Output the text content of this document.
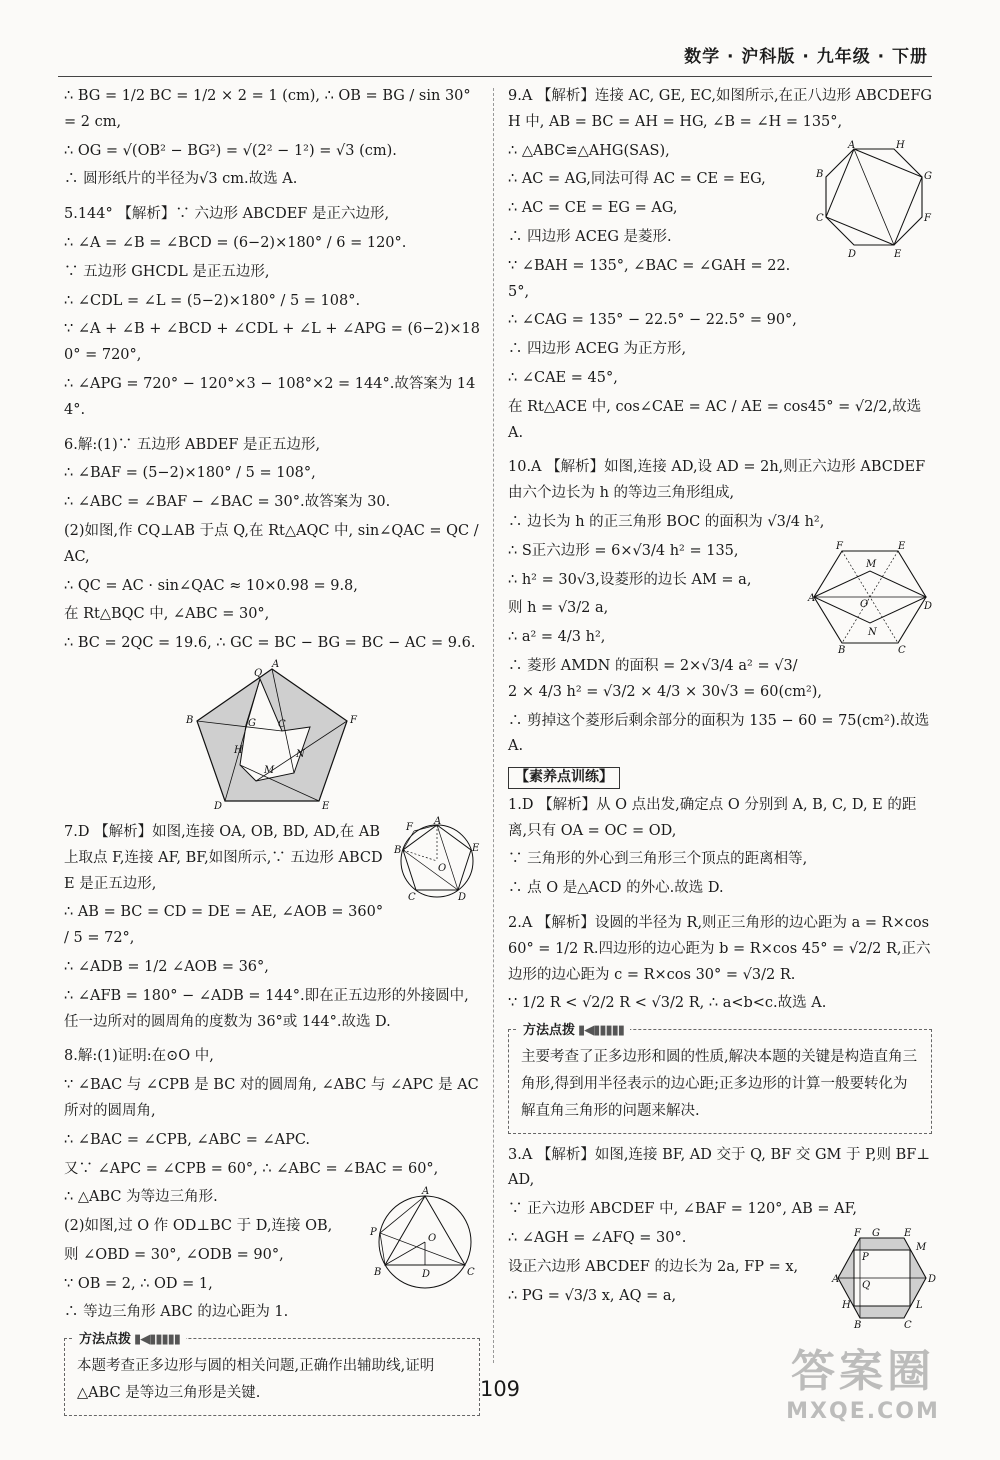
数学 · 沪科版 · 九年级 · 下册

∴ BG = 1/2 BC = 1/2 × 2 = 1 (cm), ∴ OB = BG / sin 30° = 2 cm,

∴ OG = √(OB² − BG²) = √(2² − 1²) = √3 (cm).

∴ 圆形纸片的半径为√3 cm.故选 A.

5.144° 【解析】∵ 六边形 ABCDEF 是正六边形,

∴ ∠A = ∠B = ∠BCD = (6−2)×180° / 6 = 120°.

∵ 五边形 GHCDL 是正五边形,

∴ ∠CDL = ∠L = (5−2)×180° / 5 = 108°.

∵ ∠A + ∠B + ∠BCD + ∠CDL + ∠L + ∠APG = (6−2)×180° = 720°,

∴ ∠APG = 720° − 120°×3 − 108°×2 = 144°.故答案为 144°.

6.解:(1)∵ 五边形 ABDEF 是正五边形,

∴ ∠BAF = (5−2)×180° / 5 = 108°,

∴ ∠ABC = ∠BAF − ∠BAC = 30°.故答案为 30.

(2)如图,作 CQ⊥AB 于点 Q,在 Rt△AQC 中, sin∠QAC = QC / AC,

∴ QC = AC · sin∠QAC ≈ 10×0.98 = 9.8,

在 Rt△BQC 中, ∠ABC = 30°,

∴ BC = 2QC = 19.6, ∴ GC = BC − BG = BC − AC = 9.6.

Q
A
B	G C	F
H	N
M
D	E
F
A
B	E
O
C	D

7.D 【解析】如图,连接 OA, OB, BD, AD,在 AB 上取点 F,连接 AF, BF,如图所示,∵ 五边形 ABCDE 是正五边形,

∴ AB = BC = CD = DE = AE, ∠AOB = 360° / 5 = 72°,

∴ ∠ADB = 1/2 ∠AOB = 36°,

∴ ∠AFB = 180° − ∠ADB = 144°.即在正五边形的外接圆中,任一边所对的圆周角的度数为 36°或 144°.故选 D.

8.解:(1)证明:在⊙O 中,

∵ ∠BAC 与 ∠CPB 是 BC 对的圆周角, ∠ABC 与 ∠APC 是 AC 所对的圆周角,

∴ ∠BAC = ∠CPB, ∠ABC = ∠APC.

又∵ ∠APC = ∠CPB = 60°, ∴ ∠ABC = ∠BAC = 60°,

A
P
O
B	D	C

∴ △ABC 为等边三角形.

(2)如图,过 O 作 OD⊥BC 于 D,连接 OB,

则 ∠OBD = 30°, ∠ODB = 90°,

∵ OB = 2, ∴ OD = 1,

∴ 等边三角形 ABC 的边心距为 1.

方法点拨 ▮◀▮▮▮▮▮
本题考查正多边形与圆的相关问题,正确作出辅助线,证明△ABC 是等边三角形是关键.

9.A 【解析】连接 AC, GE, EC,如图所示,在正八边形 ABCDEFGH 中, AB = BC = AH = HG, ∠B = ∠H = 135°,

A	H
B	G
C	F
D	E

∴ △ABC≌△AHG(SAS),

∴ AC = AG,同法可得 AC = CE = EG,

∴ AC = CE = EG = AG,

∴ 四边形 ACEG 是菱形.

∵ ∠BAH = 135°, ∠BAC = ∠GAH = 22.5°,

∴ ∠CAG = 135° − 22.5° − 22.5° = 90°,

∴ 四边形 ACEG 为正方形,

∴ ∠CAE = 45°,

在 Rt△ACE 中, cos∠CAE = AC / AE = cos45° = √2/2,故选 A.

10.A 【解析】如图,连接 AD,设 AD = 2h,则正六边形 ABCDEF 由六个边长为 h 的等边三角形组成,

∴ 边长为 h 的正三角形 BOC 的面积为 √3/4 h²,

F	E
M
A
O	D
N
B	C

∴ S正六边形 = 6×√3/4 h² = 135,

∴ h² = 30√3,设菱形的边长 AM = a,

则 h = √3/2 a,

∴ a² = 4/3 h²,

∴ 菱形 AMDN 的面积 = 2×√3/4 a² = √3/2 × 4/3 h² = √3/2 × 4/3 × 30√3 = 60(cm²),

∴ 剪掉这个菱形后剩余部分的面积为 135 − 60 = 75(cm²).故选 A.

【素养点训练】

1.D 【解析】从 O 点出发,确定点 O 分别到 A, B, C, D, E 的距离,只有 OA = OC = OD,

∵ 三角形的外心到三角形三个顶点的距离相等,

∴ 点 O 是△ACD 的外心.故选 D.

2.A 【解析】设圆的半径为 R,则正三角形的边心距为 a = R×cos 60° = 1/2 R.四边形的边心距为 b = R×cos 45° = √2/2 R,正六边形的边心距为 c = R×cos 30° = √3/2 R.

∵ 1/2 R < √2/2 R < √3/2 R, ∴ a<b<c.故选 A.

方法点拨 ▮◀▮▮▮▮▮
主要考查了正多边形和圆的性质,解决本题的关键是构造直角三角形,得到用半径表示的边心距;正多边形的计算一般要转化为解直角三角形的问题来解决.

3.A 【解析】如图,连接 BF, AD 交于 Q, BF 交 GM 于 P,则 BF⊥AD,

∵ 正六边形 ABCDEF 中, ∠BAF = 120°, AB = AF,

F G E
M
A
P
D
Q
H	L
B	C

∴ ∠AGH = ∠AFQ = 30°.

设正六边形 ABCDEF 的边长为 2a, FP = x,

∴ PG = √3/3 x, AQ = a,

109	答案圈
MXQE.COM
